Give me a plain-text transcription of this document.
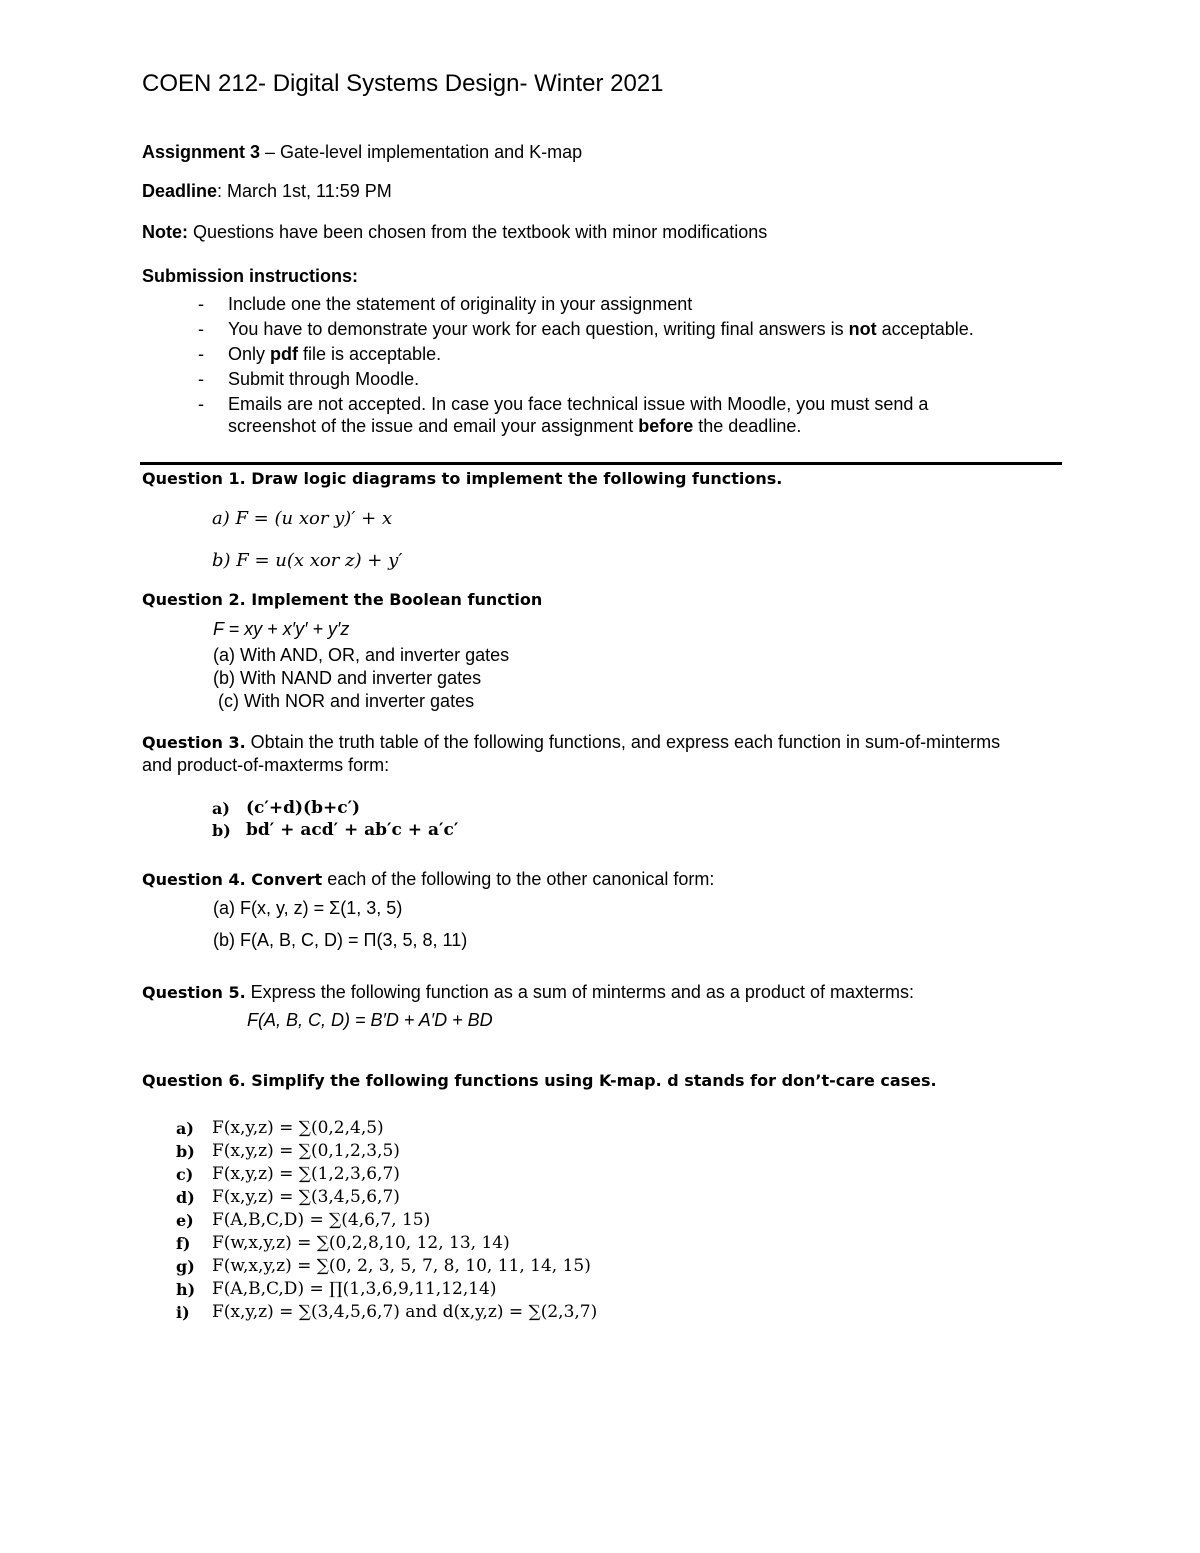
COEN 212- Digital Systems Design- Winter 2021
Assignment 3 – Gate-level implementation and K-map
Deadline: March 1st, 11:59 PM
Note: Questions have been chosen from the textbook with minor modifications
Submission instructions:
- Include one the statement of originality in your assignment
- You have to demonstrate your work for each question, writing final answers is not acceptable.
- Only pdf file is acceptable.
- Submit through Moodle.
- Emails are not accepted. In case you face technical issue with Moodle, you must send a
screenshot of the issue and email your assignment before the deadline.
Question 1. Draw logic diagrams to implement the following functions.
a) F = (u xor y)′ + x
b) F = u(x xor z) + y′
Question 2. Implement the Boolean function
F = xy + x′y′ + y′z
(a) With AND, OR, and inverter gates
(b) With NAND and inverter gates
(c) With NOR and inverter gates
Question 3. Obtain the truth table of the following functions, and express each function in sum-of-minterms
and product-of-maxterms form:
a) (c′+d)(b+c′)
b) bd′ + acd′ + ab′c + a′c′
Question 4. Convert each of the following to the other canonical form:
(a) F(x, y, z) = Σ(1, 3, 5)
(b) F(A, B, C, D) = Π(3, 5, 8, 11)
Question 5. Express the following function as a sum of minterms and as a product of maxterms:
F(A, B, C, D) = B′D + A′D + BD
Question 6. Simplify the following functions using K-map. d stands for don’t-care cases.
a) F(x,y,z) = ∑(0,2,4,5)
b) F(x,y,z) = ∑(0,1,2,3,5)
c) F(x,y,z) = ∑(1,2,3,6,7)
d) F(x,y,z) = ∑(3,4,5,6,7)
e) F(A,B,C,D) = ∑(4,6,7, 15)
f) F(w,x,y,z) = ∑(0,2,8,10, 12, 13, 14)
g) F(w,x,y,z) = ∑(0, 2, 3, 5, 7, 8, 10, 11, 14, 15)
h) F(A,B,C,D) = ∏(1,3,6,9,11,12,14)
i) F(x,y,z) = ∑(3,4,5,6,7) and d(x,y,z) = ∑(2,3,7)
